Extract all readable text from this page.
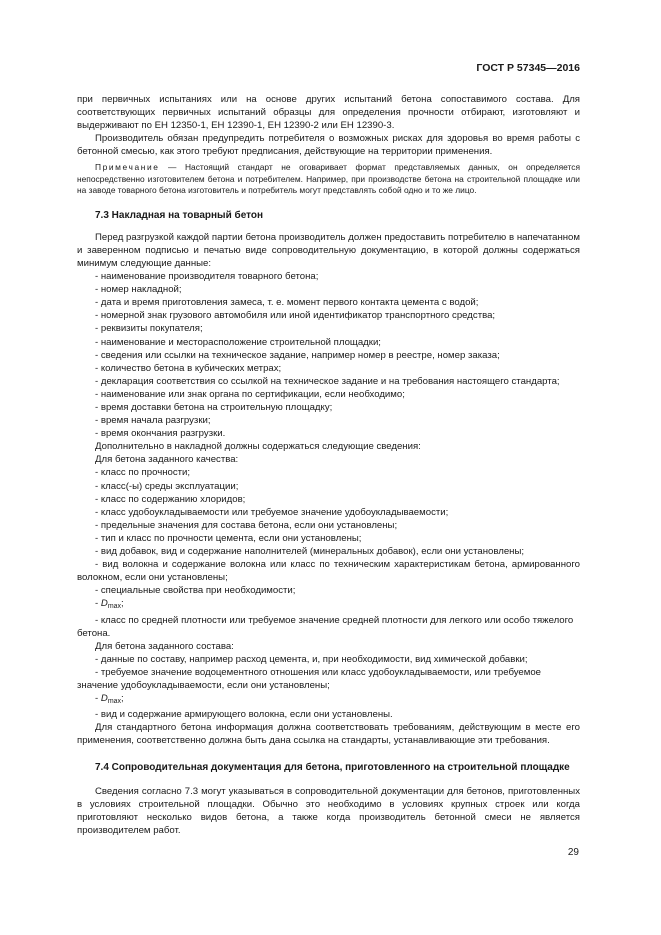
ГОСТ Р 57345—2016

при первичных испытаниях или на основе других испытаний бетона сопоставимого состава. Для соответствующих первичных испытаний образцы для определения прочности отбирают, изготовляют и выдерживают по ЕН 12350-1, ЕН 12390-1, ЕН 12390-2 или ЕН 12390-3.

Производитель обязан предупредить потребителя о возможных рисках для здоровья во время работы с бетонной смесью, как этого требуют предписания, действующие на территории применения.

Примечание — Настоящий стандарт не оговаривает формат представляемых данных, он определяется непосредственно изготовителем бетона и потребителем. Например, при производстве бетона на строительной площадке или на заводе товарного бетона изготовитель и потребитель могут представлять собой одно и то же лицо.

7.3 Накладная на товарный бетон

Перед разгрузкой каждой партии бетона производитель должен предоставить потребителю в напечатанном и заверенном подписью и печатью виде сопроводительную документацию, в которой должны содержаться минимум следующие данные:

- наименование производителя товарного бетона;
- номер накладной;
- дата и время приготовления замеса, т. е. момент первого контакта цемента с водой;
- номерной знак грузового автомобиля или иной идентификатор транспортного средства;
- реквизиты покупателя;
- наименование и месторасположение строительной площадки;
- сведения или ссылки на техническое задание, например номер в реестре, номер заказа;
- количество бетона в кубических метрах;
- декларация соответствия со ссылкой на техническое задание и на требования настоящего стандарта;
- наименование или знак органа по сертификации, если необходимо;
- время доставки бетона на строительную площадку;
- время начала разгрузки;
- время окончания разгрузки.

Дополнительно в накладной должны содержаться следующие сведения:

Для бетона заданного качества:

- класс по прочности;
- класс(-ы) среды эксплуатации;
- класс по содержанию хлоридов;
- класс удобоукладываемости или требуемое значение удобоукладываемости;
- предельные значения для состава бетона, если они установлены;
- тип и класс по прочности цемента, если они установлены;
- вид добавок, вид и содержание наполнителей (минеральных добавок), если они установлены;
- вид волокна и содержание волокна или класс по техническим характеристикам бетона, армированного волокном, если они установлены;
- специальные свойства при необходимости;
- $D_{max}$;
- класс по средней плотности или требуемое значение средней плотности для легкого или особо тяжелого бетона.

Для бетона заданного состава:

- данные по составу, например расход цемента, и, при необходимости, вид химической добавки;
- требуемое значение водоцементного отношения или класс удобоукладываемости, или требуемое значение удобоукладываемости, если они установлены;
- $D_{max}$;
- вид и содержание армирующего волокна, если они установлены.

Для стандартного бетона информация должна соответствовать требованиям, действующим в месте его применения, соответственно должна быть дана ссылка на стандарты, устанавливающие эти требования.

7.4 Сопроводительная документация для бетона, приготовленного на строительной площадке

Сведения согласно 7.3 могут указываться в сопроводительной документации для бетонов, приготовленных в условиях строительной площадки. Обычно это необходимо в условиях крупных строек или когда приготовляют несколько видов бетона, а также когда производитель бетонной смеси не является производителем работ.

29
